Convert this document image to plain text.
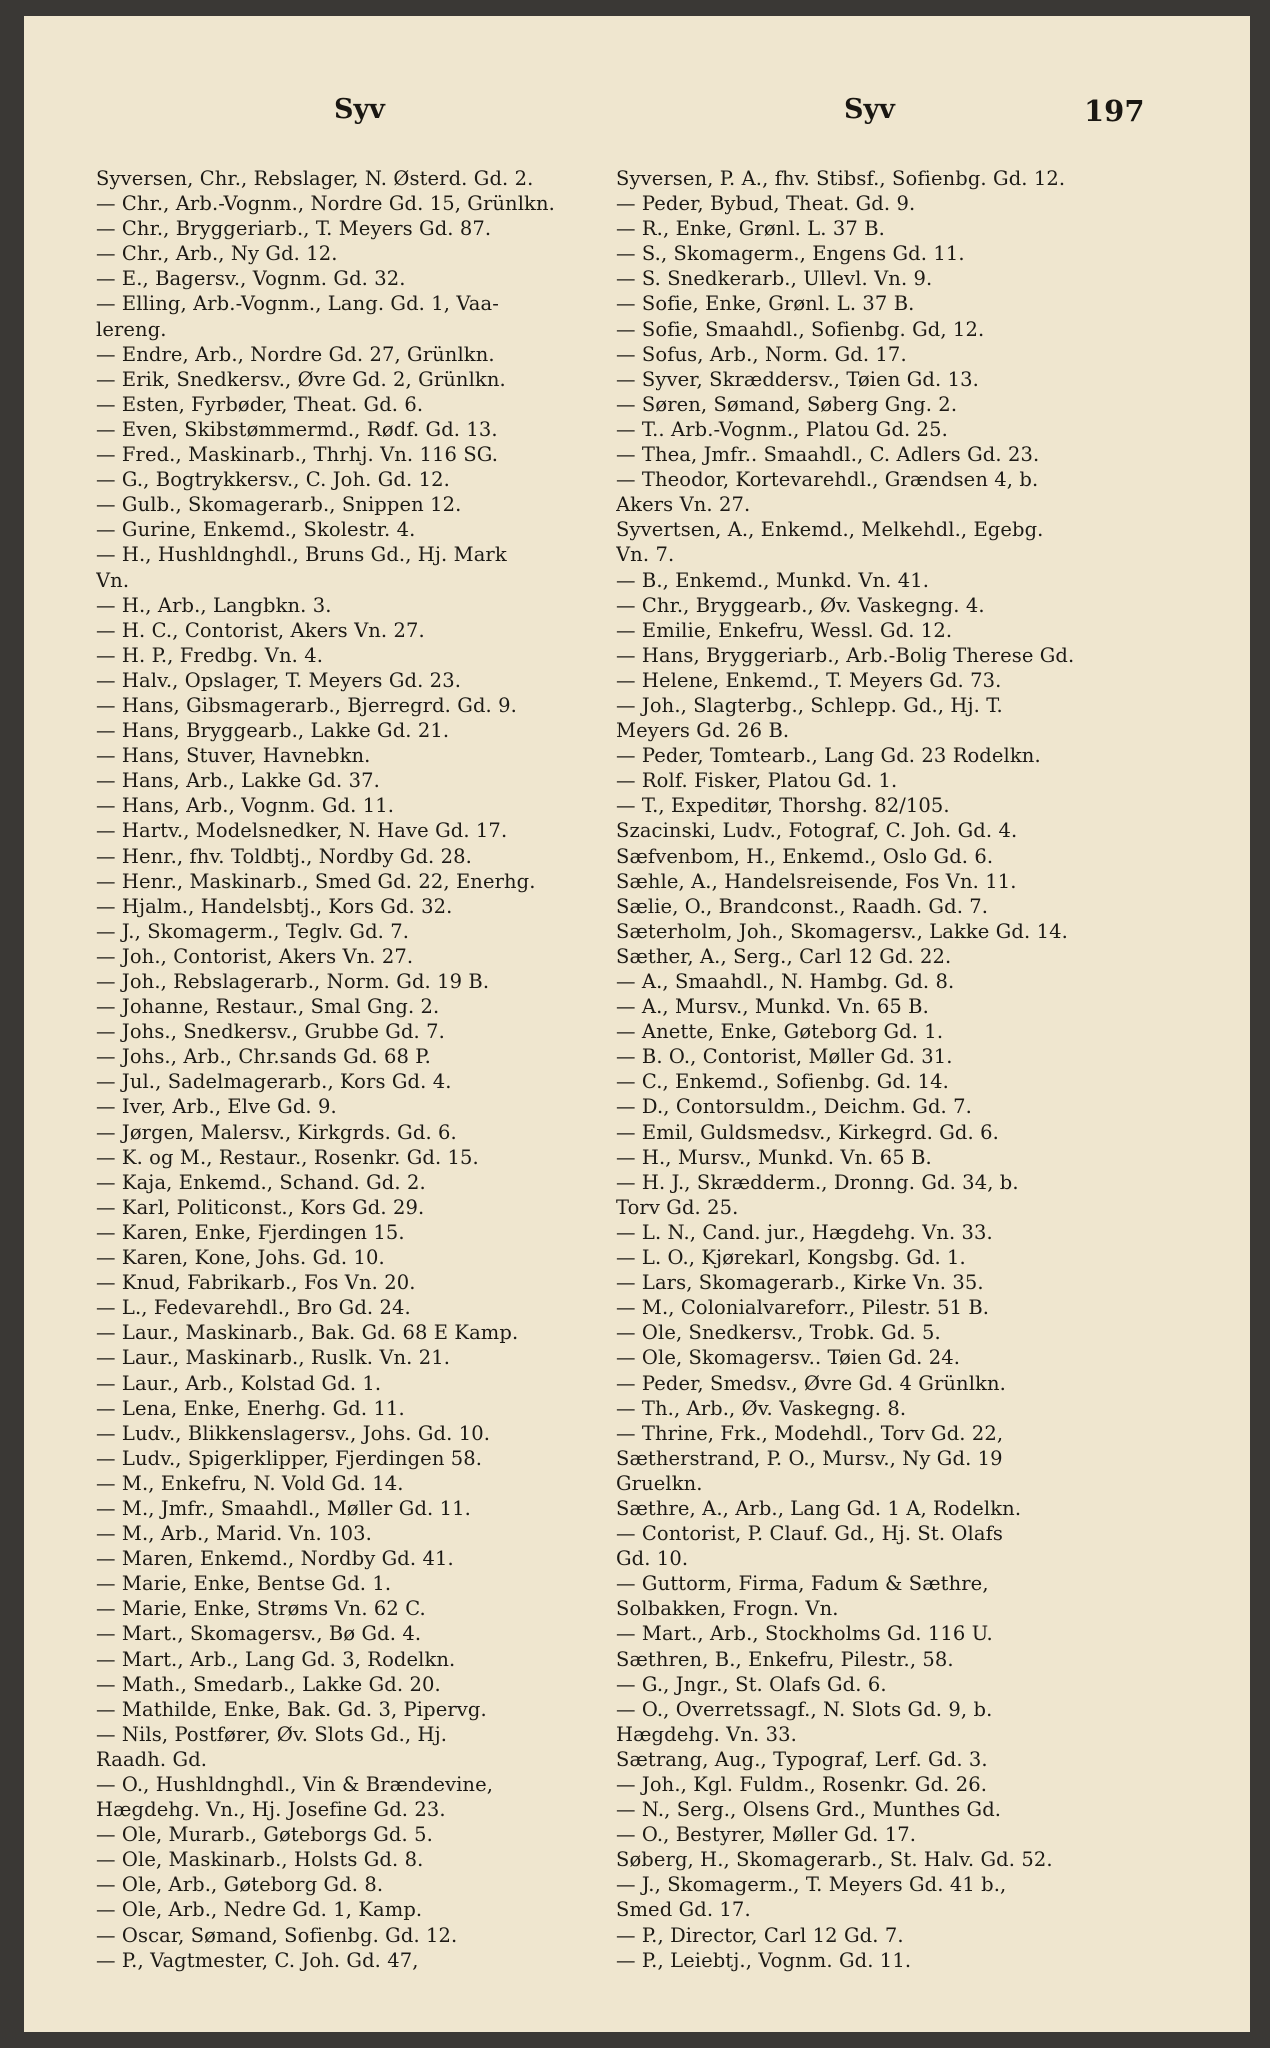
Syv	Syv	197
Syversen, Chr., Rebslager, N. Østerd. Gd. 2.
— Chr., Arb.-Vognm., Nordre Gd. 15, Grünlkn.
— Chr., Bryggeriarb., T. Meyers Gd. 87.
— Chr., Arb., Ny Gd. 12.
— E., Bagersv., Vognm. Gd. 32.
— Elling, Arb.-Vognm., Lang. Gd. 1, Vaa-
lereng.
— Endre, Arb., Nordre Gd. 27, Grünlkn.
— Erik, Snedkersv., Øvre Gd. 2, Grünlkn.
— Esten, Fyrbøder, Theat. Gd. 6.
— Even, Skibstømmermd., Rødf. Gd. 13.
— Fred., Maskinarb., Thrhj. Vn. 116 SG.
— G., Bogtrykkersv., C. Joh. Gd. 12.
— Gulb., Skomagerarb., Snippen 12.
— Gurine, Enkemd., Skolestr. 4.
— H., Hushldnghdl., Bruns Gd., Hj. Mark
Vn.
— H., Arb., Langbkn. 3.
— H. C., Contorist, Akers Vn. 27.
— H. P., Fredbg. Vn. 4.
— Halv., Opslager, T. Meyers Gd. 23.
— Hans, Gibsmagerarb., Bjerregrd. Gd. 9.
— Hans, Bryggearb., Lakke Gd. 21.
— Hans, Stuver, Havnebkn.
— Hans, Arb., Lakke Gd. 37.
— Hans, Arb., Vognm. Gd. 11.
— Hartv., Modelsnedker, N. Have Gd. 17.
— Henr., fhv. Toldbtj., Nordby Gd. 28.
— Henr., Maskinarb., Smed Gd. 22, Enerhg.
— Hjalm., Handelsbtj., Kors Gd. 32.
— J., Skomagerm., Teglv. Gd. 7.
— Joh., Contorist, Akers Vn. 27.
— Joh., Rebslagerarb., Norm. Gd. 19 B.
— Johanne, Restaur., Smal Gng. 2.
— Johs., Snedkersv., Grubbe Gd. 7.
— Johs., Arb., Chr.sands Gd. 68 P.
— Jul., Sadelmagerarb., Kors Gd. 4.
— Iver, Arb., Elve Gd. 9.
— Jørgen, Malersv., Kirkgrds. Gd. 6.
— K. og M., Restaur., Rosenkr. Gd. 15.
— Kaja, Enkemd., Schand. Gd. 2.
— Karl, Politiconst., Kors Gd. 29.
— Karen, Enke, Fjerdingen 15.
— Karen, Kone, Johs. Gd. 10.
— Knud, Fabrikarb., Fos Vn. 20.
— L., Fedevarehdl., Bro Gd. 24.
— Laur., Maskinarb., Bak. Gd. 68 E Kamp.
— Laur., Maskinarb., Ruslk. Vn. 21.
— Laur., Arb., Kolstad Gd. 1.
— Lena, Enke, Enerhg. Gd. 11.
— Ludv., Blikkenslagersv., Johs. Gd. 10.
— Ludv., Spigerklipper, Fjerdingen 58.
— M., Enkefru, N. Vold Gd. 14.
— M., Jmfr., Smaahdl., Møller Gd. 11.
— M., Arb., Marid. Vn. 103.
— Maren, Enkemd., Nordby Gd. 41.
— Marie, Enke, Bentse Gd. 1.
— Marie, Enke, Strøms Vn. 62 C.
— Mart., Skomagersv., Bø Gd. 4.
— Mart., Arb., Lang Gd. 3, Rodelkn.
— Math., Smedarb., Lakke Gd. 20.
— Mathilde, Enke, Bak. Gd. 3, Pipervg.
— Nils, Postfører, Øv. Slots Gd., Hj.
Raadh. Gd.
— O., Hushldnghdl., Vin & Brændevine,
Hægdehg. Vn., Hj. Josefine Gd. 23.
— Ole, Murarb., Gøteborgs Gd. 5.
— Ole, Maskinarb., Holsts Gd. 8.
— Ole, Arb., Gøteborg Gd. 8.
— Ole, Arb., Nedre Gd. 1, Kamp.
— Oscar, Sømand, Sofienbg. Gd. 12.
— P., Vagtmester, C. Joh. Gd. 47,
Syversen, P. A., fhv. Stibsf., Sofienbg. Gd. 12.
— Peder, Bybud, Theat. Gd. 9.
— R., Enke, Grønl. L. 37 B.
— S., Skomagerm., Engens Gd. 11.
— S. Snedkerarb., Ullevl. Vn. 9.
— Sofie, Enke, Grønl. L. 37 B.
— Sofie, Smaahdl., Sofienbg. Gd, 12.
— Sofus, Arb., Norm. Gd. 17.
— Syver, Skræddersv., Tøien Gd. 13.
— Søren, Sømand, Søberg Gng. 2.
— T.. Arb.-Vognm., Platou Gd. 25.
— Thea, Jmfr.. Smaahdl., C. Adlers Gd. 23.
— Theodor, Kortevarehdl., Grændsen 4, b.
Akers Vn. 27.
Syvertsen, A., Enkemd., Melkehdl., Egebg.
Vn. 7.
— B., Enkemd., Munkd. Vn. 41.
— Chr., Bryggearb., Øv. Vaskegng. 4.
— Emilie, Enkefru, Wessl. Gd. 12.
— Hans, Bryggeriarb., Arb.-Bolig Therese Gd.
— Helene, Enkemd., T. Meyers Gd. 73.
— Joh., Slagterbg., Schlepp. Gd., Hj. T.
Meyers Gd. 26 B.
— Peder, Tomtearb., Lang Gd. 23 Rodelkn.
— Rolf. Fisker, Platou Gd. 1.
— T., Expeditør, Thorshg. 82/105.
Szacinski, Ludv., Fotograf, C. Joh. Gd. 4.
Sæfvenbom, H., Enkemd., Oslo Gd. 6.
Sæhle, A., Handelsreisende, Fos Vn. 11.
Sælie, O., Brandconst., Raadh. Gd. 7.
Sæterholm, Joh., Skomagersv., Lakke Gd. 14.
Sæther, A., Serg., Carl 12 Gd. 22.
— A., Smaahdl., N. Hambg. Gd. 8.
— A., Mursv., Munkd. Vn. 65 B.
— Anette, Enke, Gøteborg Gd. 1.
— B. O., Contorist, Møller Gd. 31.
— C., Enkemd., Sofienbg. Gd. 14.
— D., Contorsuldm., Deichm. Gd. 7.
— Emil, Guldsmedsv., Kirkegrd. Gd. 6.
— H., Mursv., Munkd. Vn. 65 B.
— H. J., Skrædderm., Dronng. Gd. 34, b.
Torv Gd. 25.
— L. N., Cand. jur., Hægdehg. Vn. 33.
— L. O., Kjørekarl, Kongsbg. Gd. 1.
— Lars, Skomagerarb., Kirke Vn. 35.
— M., Colonialvareforr., Pilestr. 51 B.
— Ole, Snedkersv., Trobk. Gd. 5.
— Ole, Skomagersv.. Tøien Gd. 24.
— Peder, Smedsv., Øvre Gd. 4 Grünlkn.
— Th., Arb., Øv. Vaskegng. 8.
— Thrine, Frk., Modehdl., Torv Gd. 22,
Sætherstrand, P. O., Mursv., Ny Gd. 19
Gruelkn.
Sæthre, A., Arb., Lang Gd. 1 A, Rodelkn.
— Contorist, P. Clauf. Gd., Hj. St. Olafs
Gd. 10.
— Guttorm, Firma, Fadum & Sæthre,
Solbakken, Frogn. Vn.
— Mart., Arb., Stockholms Gd. 116 U.
Sæthren, B., Enkefru, Pilestr., 58.
— G., Jngr., St. Olafs Gd. 6.
— O., Overretssagf., N. Slots Gd. 9, b.
Hægdehg. Vn. 33.
Sætrang, Aug., Typograf, Lerf. Gd. 3.
— Joh., Kgl. Fuldm., Rosenkr. Gd. 26.
— N., Serg., Olsens Grd., Munthes Gd.
— O., Bestyrer, Møller Gd. 17.
Søberg, H., Skomagerarb., St. Halv. Gd. 52.
— J., Skomagerm., T. Meyers Gd. 41 b.,
Smed Gd. 17.
— P., Director, Carl 12 Gd. 7.
— P., Leiebtj., Vognm. Gd. 11.
